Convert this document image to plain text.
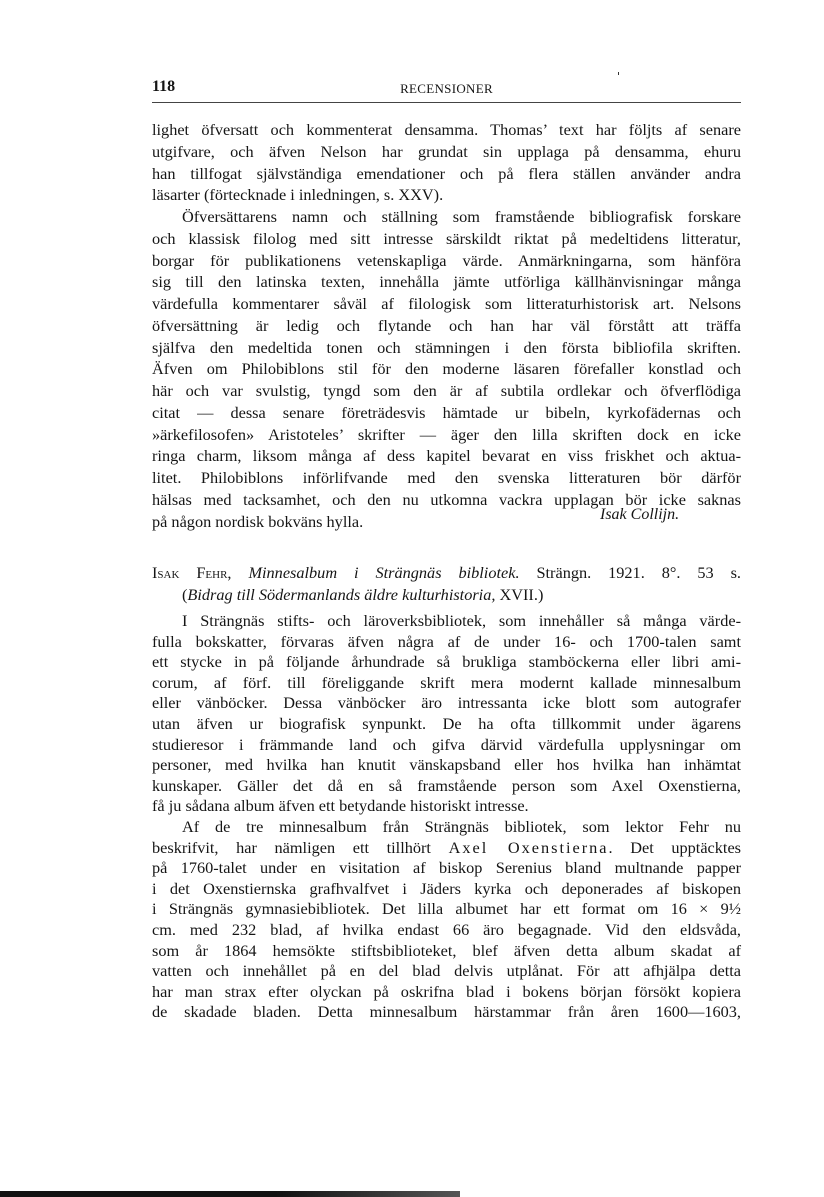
118	RECENSIONER
lighet öfversatt och kommenterat densamma. Thomas’ text har följts af senare
utgifvare, och äfven Nelson har grundat sin upplaga på densamma, ehuru
han tillfogat självständiga emendationer och på flera ställen använder andra
läsarter (förtecknade i inledningen, s. XXV).
Öfversättarens namn och ställning som framstående bibliografisk forskare
och klassisk filolog med sitt intresse särskildt riktat på medeltidens litteratur,
borgar för publikationens vetenskapliga värde. Anmärkningarna, som hänföra
sig till den latinska texten, innehålla jämte utförliga källhänvisningar många
värdefulla kommentarer såväl af filologisk som litteraturhistorisk art. Nelsons
öfversättning är ledig och flytande och han har väl förstått att träffa
själfva den medeltida tonen och stämningen i den första bibliofila skriften.
Äfven om Philobiblons stil för den moderne läsaren förefaller konstlad och
här och var svulstig, tyngd som den är af subtila ordlekar och öfverflödiga
citat — dessa senare företrädesvis hämtade ur bibeln, kyrkofädernas och
»ärkefilosofen» Aristoteles’ skrifter — äger den lilla skriften dock en icke
ringa charm, liksom många af dess kapitel bevarat en viss friskhet och aktua-
litet. Philobiblons införlifvande med den svenska litteraturen bör därför
hälsas med tacksamhet, och den nu utkomna vackra upplagan bör icke saknas
på någon nordisk bokväns hylla.	Isak Collijn.
Isak Fehr, Minnesalbum i Strängnäs bibliotek. Strängn. 1921. 8°. 53 s.
(Bidrag till Södermanlands äldre kulturhistoria, XVII.)
I Strängnäs stifts- och läroverksbibliotek, som innehåller så många värde-
fulla bokskatter, förvaras äfven några af de under 16- och 1700-talen samt
ett stycke in på följande århundrade så brukliga stamböckerna eller libri ami-
corum, af förf. till föreliggande skrift mera modernt kallade minnesalbum
eller vänböcker. Dessa vänböcker äro intressanta icke blott som autografer
utan äfven ur biografisk synpunkt. De ha ofta tillkommit under ägarens
studieresor i främmande land och gifva därvid värdefulla upplysningar om
personer, med hvilka han knutit vänskapsband eller hos hvilka han inhämtat
kunskaper. Gäller det då en så framstående person som Axel Oxenstierna,
få ju sådana album äfven ett betydande historiskt intresse.
Af de tre minnesalbum från Strängnäs bibliotek, som lektor Fehr nu
beskrifvit, har nämligen ett tillhört Axel Oxenstierna. Det upptäcktes
på 1760-talet under en visitation af biskop Serenius bland multnande papper
i det Oxenstiernska grafhvalfvet i Jäders kyrka och deponerades af biskopen
i Strängnäs gymnasiebibliotek. Det lilla albumet har ett format om 16 × 9½
cm. med 232 blad, af hvilka endast 66 äro begagnade. Vid den eldsvåda,
som år 1864 hemsökte stiftsbiblioteket, blef äfven detta album skadat af
vatten och innehållet på en del blad delvis utplånat. För att afhjälpa detta
har man strax efter olyckan på oskrifna blad i bokens början försökt kopiera
de skadade bladen. Detta minnesalbum härstammar från åren 1600—1603,
